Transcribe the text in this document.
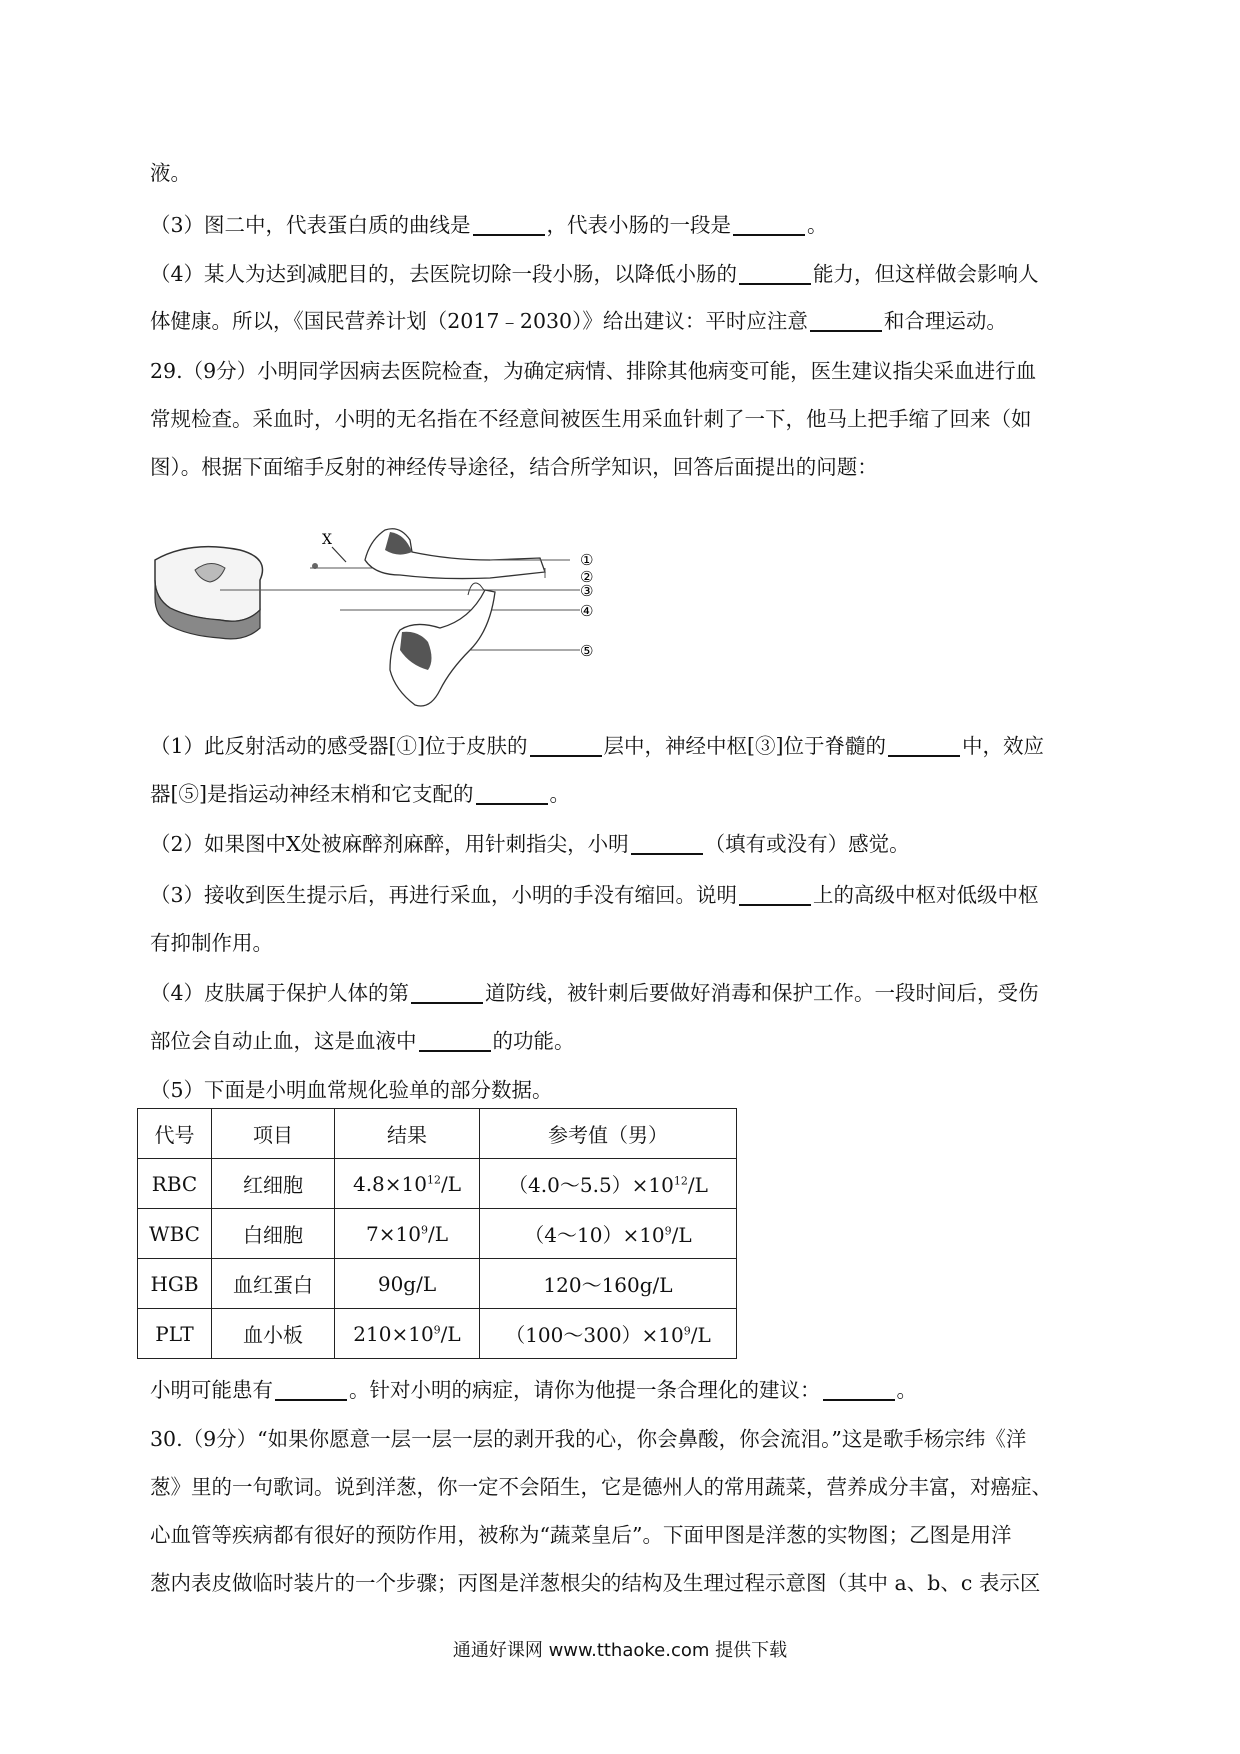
液。
（3）图二中，代表蛋白质的曲线是	，代表小肠的一段是	。
（4）某人为达到减肥目的，去医院切除一段小肠，以降低小肠的	能力，但这样做会影响人
体健康。所以，《国民营养计划（2017﹣2030）》给出建议：平时应注意	和合理运动。
29.（9分）小明同学因病去医院检查，为确定病情、排除其他病变可能，医生建议指尖采血进行血
常规检查。采血时，小明的无名指在不经意间被医生用采血针刺了一下，他马上把手缩了回来（如
图）。根据下面缩手反射的神经传导途径，结合所学知识，回答后面提出的问题：
X
①
②
③
④
⑤
（1）此反射活动的感受器[①]位于皮肤的	层中，神经中枢[③]位于脊髓的	中，效应
器[⑤]是指运动神经末梢和它支配的	。
（2）如果图中X处被麻醉剂麻醉，用针刺指尖，小明	（填有或没有）感觉。
（3）接收到医生提示后，再进行采血，小明的手没有缩回。说明	上的高级中枢对低级中枢
有抑制作用。
（4）皮肤属于保护人体的第	道防线，被针刺后要做好消毒和保护工作。一段时间后，受伤
部位会自动止血，这是血液中	的功能。
（5）下面是小明血常规化验单的部分数据。
代号	项目	结果	参考值（男）
RBC	红细胞	$4.8\times 10^{12}/L$	$(4.0\sim 5.5)\times 10^{12}/L$
WBC	白细胞	$7\times 10^9/L$	$(4\sim 10)\times 10^9/L$
HGB	血红蛋白	90g/L	120～160g/L
PLT	血小板	$210\times 10^9/L$	$(100\sim 300)\times 10^9/L$
小明可能患有	。针对小明的病症，请你为他提一条合理化的建议：	。
30.（9分）“如果你愿意一层一层一层的剥开我的心，你会鼻酸，你会流泪。”这是歌手杨宗纬《洋
葱》里的一句歌词。说到洋葱，你一定不会陌生，它是德州人的常用蔬菜，营养成分丰富，对癌症、
心血管等疾病都有很好的预防作用，被称为“蔬菜皇后”。下面甲图是洋葱的实物图；乙图是用洋
葱内表皮做临时装片的一个步骤；丙图是洋葱根尖的结构及生理过程示意图（其中 a、b、c 表示区
通通好课网 www.tthaoke.com 提供下载
